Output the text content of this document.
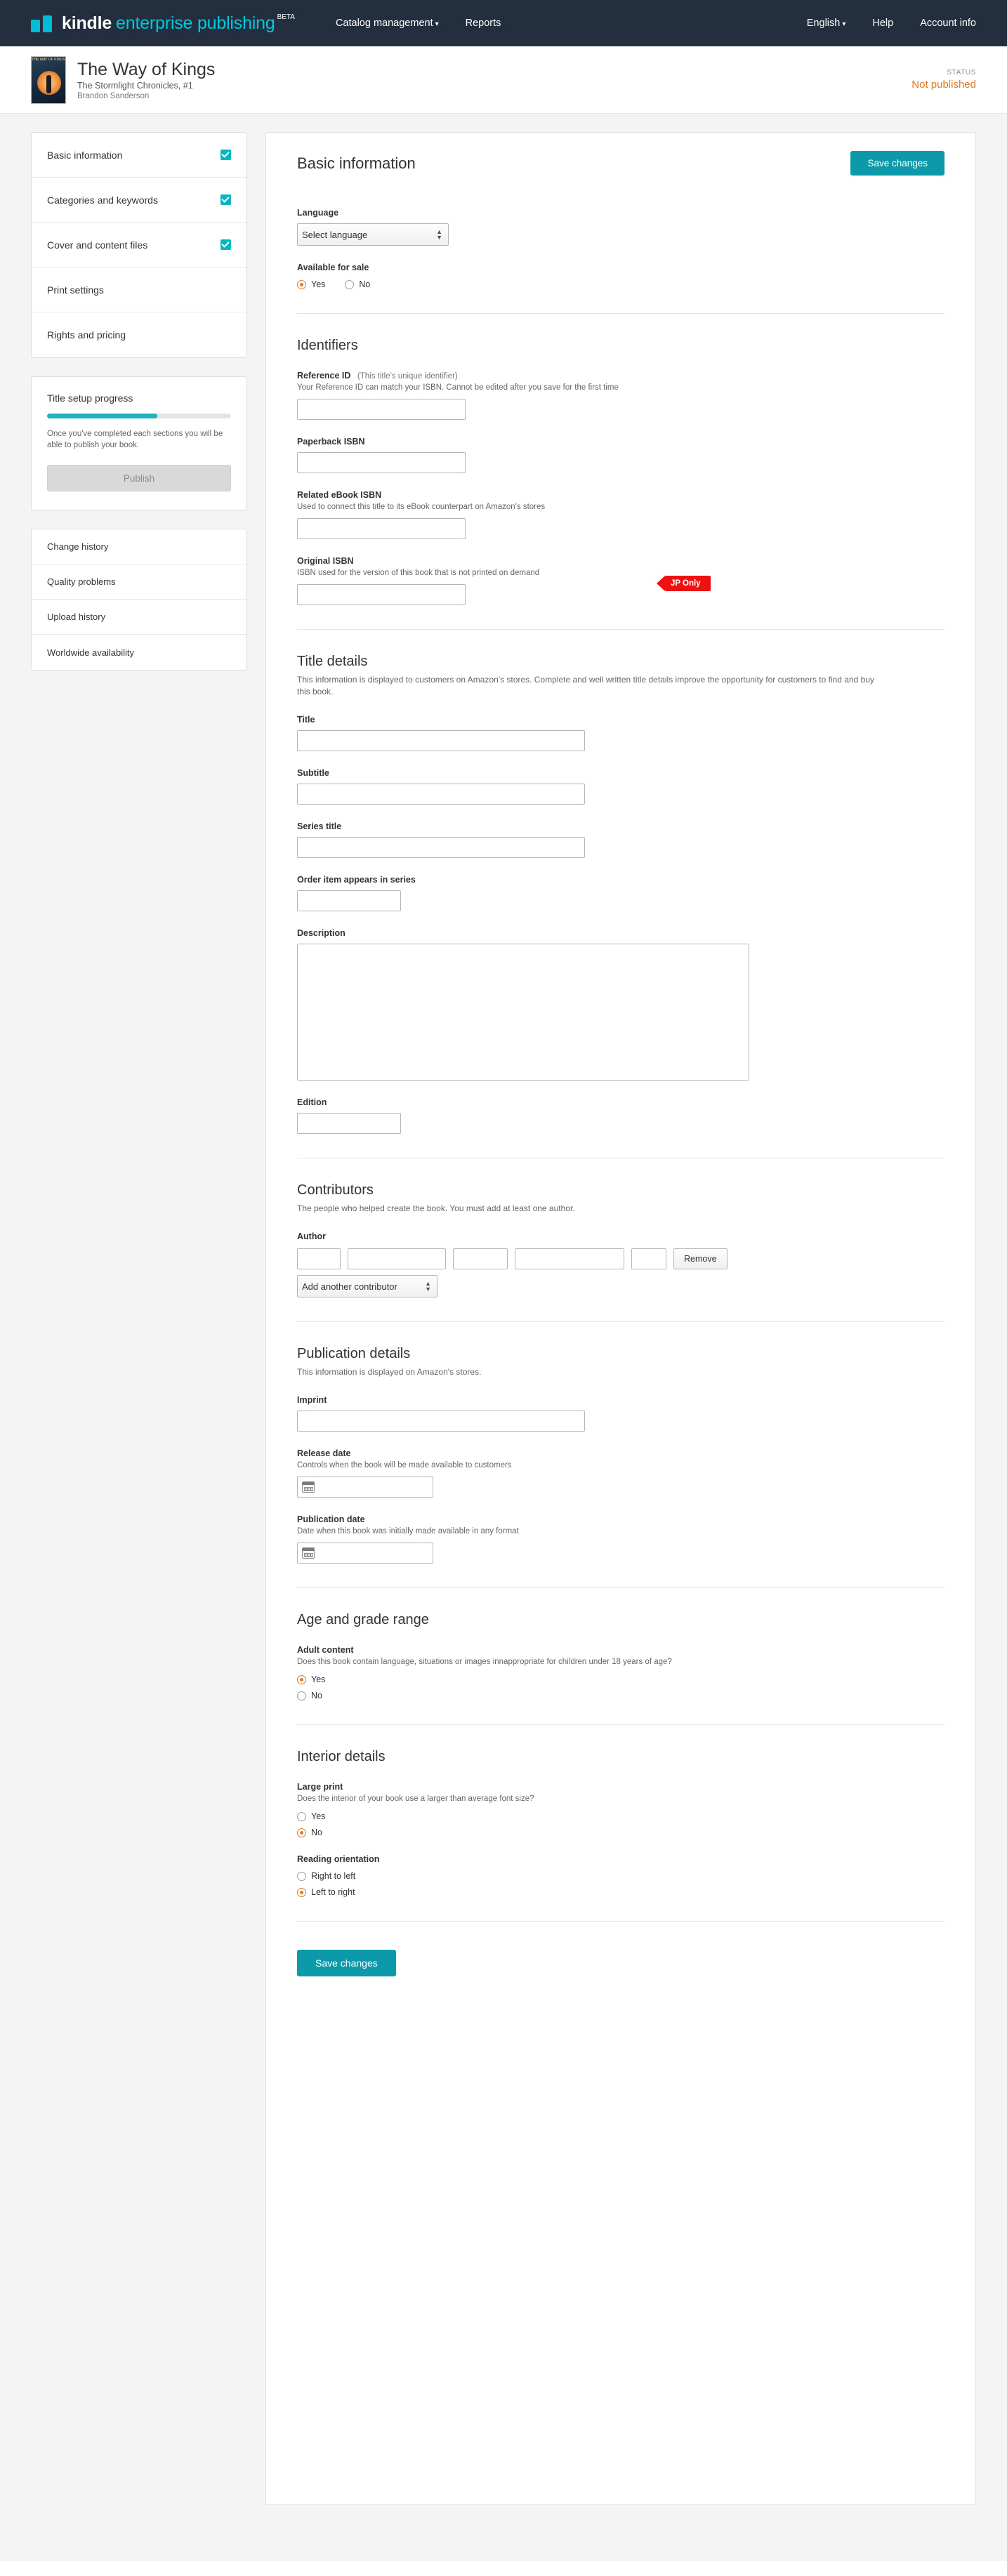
kindle enterprise publishing BETA
Catalog management ▾	Reports	English ▾	Help	Account info
THE WAY OF KINGS The Way of Kings
The Stormlight Chronicles, #1
Brandon Sanderson
STATUS
Not published
Basic information
Categories and keywords
Cover and content files
Print settings
Rights and pricing
Title setup progress
Once you've completed each sections you will be able to publish your book.
Publish
Change history
Quality problems
Upload history
Worldwide availability
Basic information	Save changes
Language
Select language
▲
▼
Available for sale
Yes	No
Identifiers
Reference ID (This title's unique identifier)
Your Reference ID can match your ISBN. Cannot be edited after you save for the first time
Paperback ISBN
Related eBook ISBN
Used to connect this title to its eBook counterpart on Amazon's stores
Original ISBN
ISBN used for the version of this book that is not printed on demand
JP Only
Title details
This information is displayed to customers on Amazon's stores. Complete and well written title details improve the opportunity for customers to find and buy this book.
Title
Subtitle
Series title
Order item appears in series
Description
Edition
Contributors
The people who helped create the book. You must add at least one author.
Author
Remove
Add another contributor
▲
▼
Publication details
This information is displayed on Amazon's stores.
Imprint
Release date
Controls when the book will be made available to customers
Publication date
Date when this book was initially made available in any format
Age and grade range
Adult content
Does this book contain language, situations or images innappropriate for children under 18 years of age?
Yes
No
Interior details
Large print
Does the interior of your book use a larger than average font size?
Yes
No
Reading orientation
Right to left
Left to right
Save changes
